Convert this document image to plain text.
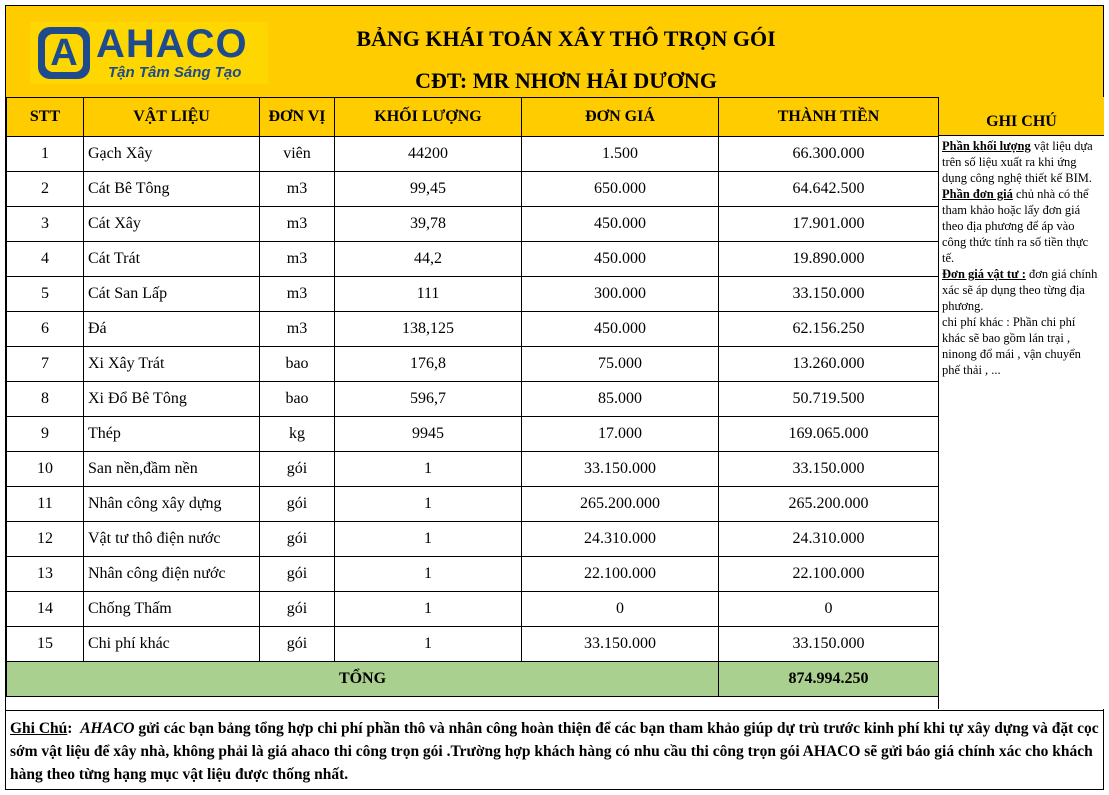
A AHACO
Tận Tâm Sáng Tạo
BẢNG KHÁI TOÁN XÂY THÔ TRỌN GÓI
CĐT: MR NHƠN HẢI DƯƠNG
STT	VẬT LIỆU	ĐƠN VỊ	KHỐI LƯỢNG	ĐƠN GIÁ	THÀNH TIỀN
1	Gạch Xây	viên	44200	1.500	66.300.000
2	Cát Bê Tông	m3	99,45	650.000	64.642.500
3	Cát Xây	m3	39,78	450.000	17.901.000
4	Cát Trát	m3	44,2	450.000	19.890.000
5	Cát San Lấp	m3	111	300.000	33.150.000
6	Đá	m3	138,125	450.000	62.156.250
7	Xi Xây Trát	bao	176,8	75.000	13.260.000
8	Xi Đổ Bê Tông	bao	596,7	85.000	50.719.500
9	Thép	kg	9945	17.000	169.065.000
10	San nền,đầm nền	gói	1	33.150.000	33.150.000
11	Nhân công xây dựng	gói	1	265.200.000	265.200.000
12	Vật tư thô điện nước	gói	1	24.310.000	24.310.000
13	Nhân công điện nước	gói	1	22.100.000	22.100.000
14	Chống Thấm	gói	1	0	0
15	Chi phí khác	gói	1	33.150.000	33.150.000
TỔNG					874.994.250
GHI CHÚ
Phần khối lượng vật liệu dựa trên số liệu xuất ra khi ứng dụng công nghệ thiết kế BIM.
Phần đơn giá chủ nhà có thể tham khảo hoặc lấy đơn giá theo địa phương để áp vào công thức tính ra số tiền thực tế.
Đơn giá vật tư : đơn giá chính xác sẽ áp dụng theo từng địa phương.
chi phí khác : Phần chi phí khác sẽ bao gồm lán trại , ninong đổ mái , vận chuyển phế thải , ...
Ghi Chú:  AHACO gửi các bạn bảng tổng hợp chi phí phần thô và nhân công hoàn thiện để các bạn tham khảo giúp dự trù trước kinh phí khi tự xây dựng và đặt cọc sớm vật liệu để xây nhà, không phải là giá ahaco thi công trọn gói .Trường hợp khách hàng có nhu cầu thi công trọn gói AHACO sẽ gửi báo giá chính xác cho khách hàng theo từng hạng mục vật liệu được thống nhất.
